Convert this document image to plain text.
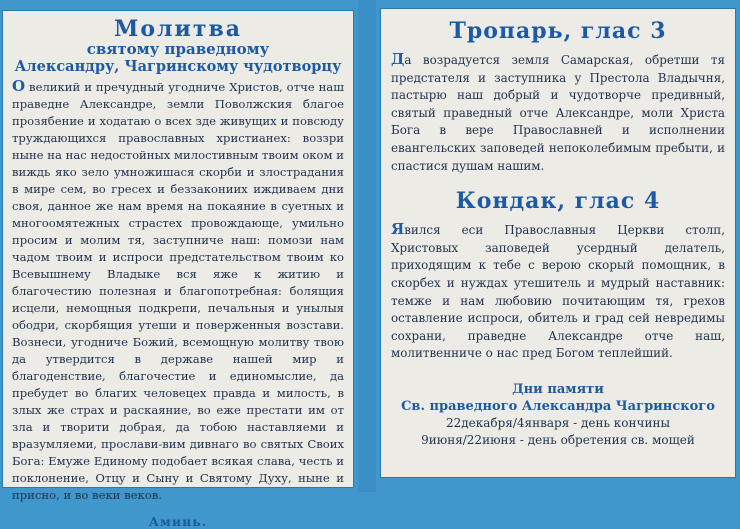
Молитва
святому праведному
Александру, Чагринскому чудотворцу
О великий и пречудный угодниче Христов, отче наш праведне Александре, земли Поволжския благое прозябение и ходатаю о всех зде живущих и повсюду труждающихся православных христианех: воззри ныне на нас недостойных милостивным твоим оком и виждь яко зело умножишася скорби и злострадания в мире сем, во гресех и беззакониих иждиваем дни своя, данное же нам время на покаяние в суетных и многоомятежных страстех провождающе, умильно просим и молим тя, заступниче наш: помози нам чадом твоим и испроси предстательством твоим ко Всевышнему Владыке вся яже к житию и благочестию полезная и благопотребная: болящия исцели, немощныя подкрепи, печальныя и унылыя ободри, скорбящия утеши и поверженныя возстави. Вознеси, угодниче Божий, всемощную молитву твою да утвердится в державе нашей мир и благоденствие, благочестие и единомыслие, да пребудет во благих человецех правда и милость, в злых же страх и раскаяние, во еже престати им от зла и творити добрая, да тобою наставляеми и вразумляеми, прослави-вим дивнаго во святых Своих Бога: Емуже Единому подобает всякая слава, честь и поклонение, Отцу и Сыну и Святому Духу, ныне и присно, и во веки веков.
Аминь.
Тропарь, глас 3
Да возрадуется земля Самарская, обретши тя предстателя и заступника у Престола Владычня, пастырю наш добрый и чудотворче предивный, святый праведный отче Александре, моли Христа Бога в вере Православней и исполнении евангельских заповедей непоколебимым пребыти, и спастися душам нашим.
Кондак, глас 4
Явился еси Православныя Церкви столп, Христовых заповедей усердный делатель, приходящим к тебе с верою скорый помощник, в скорбех и нуждах утешитель и мудрый наставник: темже и нам любовию почитающим тя, грехов оставление испроси, обитель и град сей невредимы сохрани, праведне Александре отче наш, молитвенниче о нас пред Богом теплейший.
Дни памяти
Св. праведного Александра Чагринского
22декабря/4января - день кончины
9июня/22июня - день обретения св. мощей
